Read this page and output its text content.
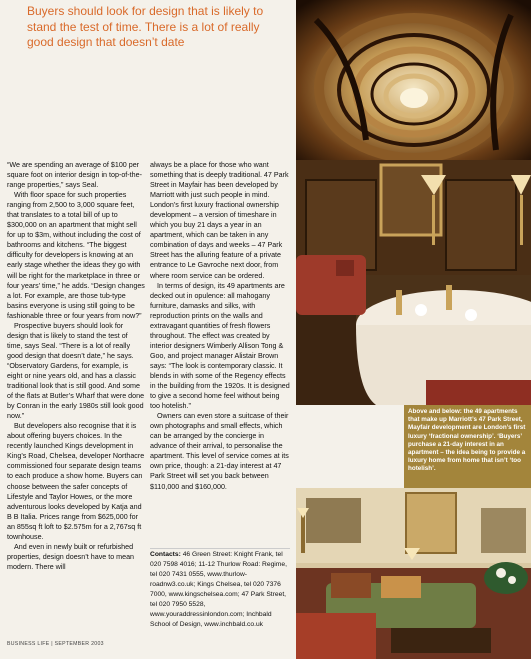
Buyers should look for design that is likely to stand the test of time. There is a lot of really good design that doesn’t date

“We are spending an average of $100 per square foot on interior design in top-of-the-range properties,” says Seal.

With floor space for such properties ranging from 2,500 to 3,000 square feet, that translates to a total bill of up to $300,000 on an apartment that might sell for up to $3m, without including the cost of bathrooms and kitchens. “The biggest difficulty for developers is knowing at an early stage whether the ideas they go with will be right for the marketplace in three or four years’ time,” he adds. “Design changes a lot. For example, are those tub-type basins everyone is using still going to be fashionable three or four years from now?”

Prospective buyers should look for design that is likely to stand the test of time, says Seal. “There is a lot of really good design that doesn’t date,” he says. “Observatory Gardens, for example, is eight or nine years old, and has a classic traditional look that is still good. And some of the flats at Butler’s Wharf that were done by Conran in the early 1980s still look good now.”

But developers also recognise that it is about offering buyers choices. In the recently launched Kings development in King’s Road, Chelsea, developer Northacre commissioned four separate design teams to each produce a show home. Buyers can choose between the safer concepts of Lifestyle and Taylor Howes, or the more adventurous looks developed by Katja and B B Italia. Prices range from $625,000 for an 855sq ft loft to $2.575m for a 2,767sq ft townhouse.

And even in newly built or refurbished properties, design doesn’t have to mean modern. There will

always be a place for those who want something that is deeply traditional. 47 Park Street in Mayfair has been developed by Marriott with just such people in mind. London’s first luxury fractional ownership development – a version of timeshare in which you buy 21 days a year in an apartment, which can be taken in any combination of days and weeks – 47 Park Street has the alluring feature of a private entrance to Le Gavroche next door, from where room service can be ordered.

In terms of design, its 49 apartments are decked out in opulence: all mahogany furniture, damasks and silks, with reproduction prints on the walls and extravagant quantities of fresh flowers throughout. The effect was created by interior designers Wimberly Allison Tong & Goo, and project manager Alistair Brown says: “The look is contemporary classic. It blends in with some of the Regency effects in the building from the 1920s. It is designed to give a second home feel without being too hotelish.”

Owners can even store a suitcase of their own photographs and small effects, which can be arranged by the concierge in advance of their arrival, to personalise the apartment. This level of service comes at its own price, though: a 21-day interest at 47 Park Street will set you back between $110,000 and $160,000.

Contacts: 46 Green Street: Knight Frank, tel 020 7598 4016; 11-12 Thurlow Road: Regime, tel 020 7431 0555, www.thurlow-roadnw3.co.uk; Kings Chelsea, tel 020 7376 7000, www.kingschelsea.com; 47 Park Street, tel 020 7950 5528, www.youraddressinlondon.com; Inchbald School of Design, www.inchbald.co.uk
BUSINESS LIFE | SEPTEMBER 2003
Above and below: the 49 apartments that make up Marriott’s 47 Park Street, Mayfair development are London’s first luxury ‘fractional ownership’. ‘Buyers’ purchase a 21-day interest in an apartment – the idea being to provide a luxury home from home that isn’t ‘too hotelish’.
